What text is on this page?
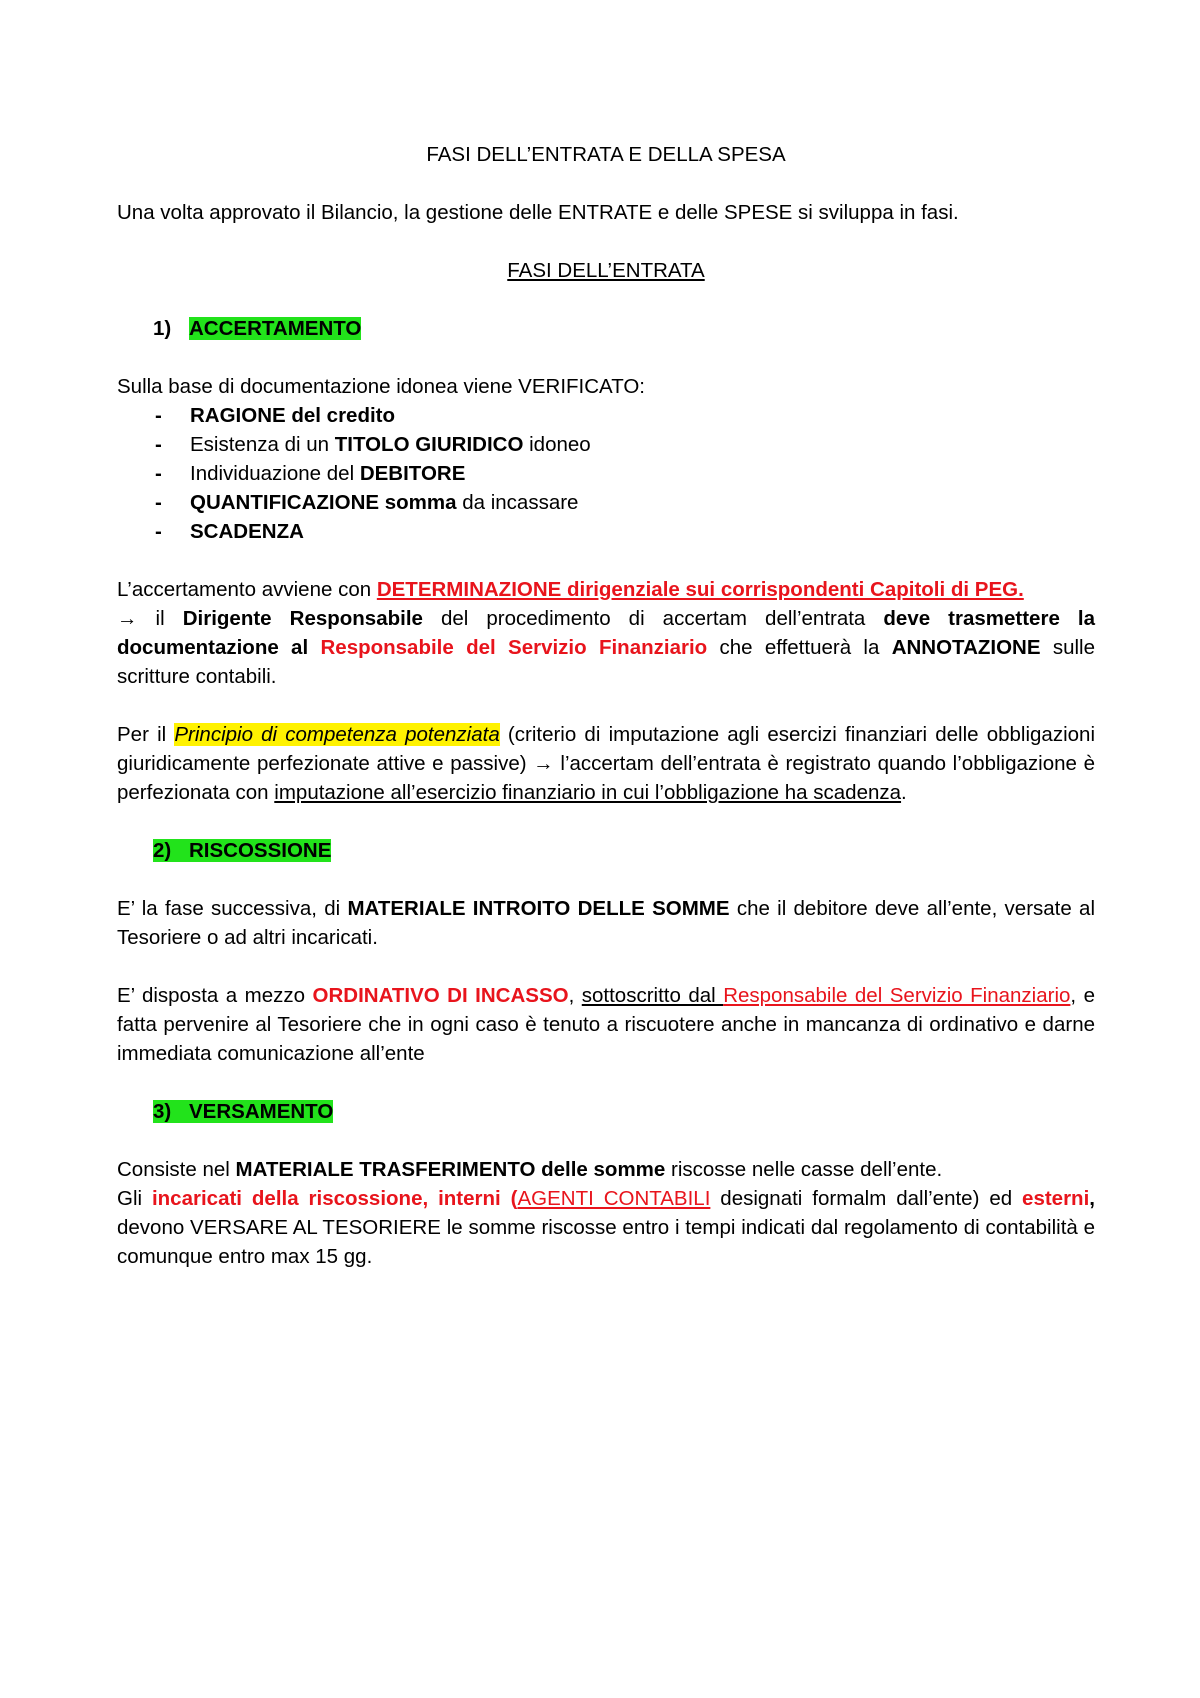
FASI DELL’ENTRATA E DELLA SPESA

Una volta approvato il Bilancio, la gestione delle ENTRATE e delle SPESE si sviluppa in fasi.

FASI DELL’ENTRATA

1) ACCERTAMENTO

Sulla base di documentazione idonea viene VERIFICATO:

- RAGIONE del credito
- Esistenza di un TITOLO GIURIDICO idoneo
- Individuazione del DEBITORE
- QUANTIFICAZIONE somma da incassare
- SCADENZA

L’accertamento avviene con DETERMINAZIONE dirigenziale sui corrispondenti Capitoli di PEG.

→ il Dirigente Responsabile del procedimento di accertam dell’entrata deve trasmettere la documentazione al Responsabile del Servizio Finanziario che effettuerà la ANNOTAZIONE sulle scritture contabili.

Per il Principio di competenza potenziata (criterio di imputazione agli esercizi finanziari delle obbligazioni giuridicamente perfezionate attive e passive) → l’accertam dell’entrata è registrato quando l’obbligazione è perfezionata con imputazione all’esercizio finanziario in cui l’obbligazione ha scadenza.

2) RISCOSSIONE

E’ la fase successiva, di MATERIALE INTROITO DELLE SOMME che il debitore deve all’ente, versate al Tesoriere o ad altri incaricati.

E’ disposta a mezzo ORDINATIVO DI INCASSO, sottoscritto dal Responsabile del Servizio Finanziario, e fatta pervenire al Tesoriere che in ogni caso è tenuto a riscuotere anche in mancanza di ordinativo e darne immediata comunicazione all’ente

3) VERSAMENTO

Consiste nel MATERIALE TRASFERIMENTO delle somme riscosse nelle casse dell’ente.

Gli incaricati della riscossione, interni (AGENTI CONTABILI designati formalm dall’ente) ed esterni, devono VERSARE AL TESORIERE le somme riscosse entro i tempi indicati dal regolamento di contabilità e comunque entro max 15 gg.
